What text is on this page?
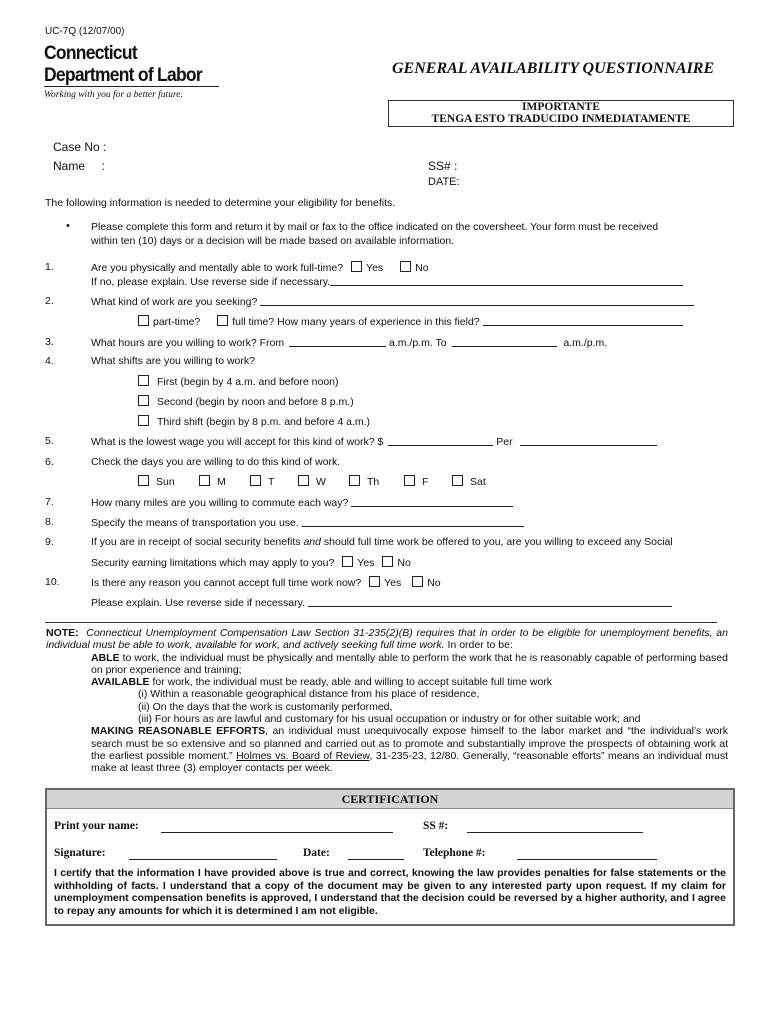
UC-7Q (12/07/00)
Connecticut
Department of Labor
Working with you for a better future.
GENERAL AVAILABILITY QUESTIONNAIRE
IMPORTANTE
TENGA ESTO TRADUCIDO INMEDIATAMENTE
Case No :
Name     :	SS# :
DATE:
The following information is needed to determine your eligibility for benefits.
• Please complete this form and return it by mail or fax to the office indicated on the coversheet. Your form must be received
within ten (10) days or a decision will be made based on available information.
1.	Are you physically and mentally able to work full-time? Yes	No
If no, please explain. Use reverse side if necessary.
2.	What kind of work are you seeking?
part-time?	full time? How many years of experience in this field?
3.	What hours are you willing to work? From	a.m./p.m. To	a.m./p.m.
4.	What shifts are you willing to work?
First (begin by 4 a.m. and before noon)
Second (begin by noon and before 8 p.m.)
Third shift (begin by 8 p.m. and before 4 a.m.)
5.	What is the lowest wage you will accept for this kind of work? $	Per
6.	Check the days you are willing to do this kind of work.
Sun	M	T	W	Th	F	Sat
7.	How many miles are you willing to commute each way?
8.	Specify the means of transportation you use.
9.	If you are in receipt of social security benefits and should full time work be offered to you, are you willing to exceed any Social
Security earning limitations which may apply to you? Yes No
10.	Is there any reason you cannot accept full time work now? Yes No
Please explain. Use reverse side if necessary.
NOTE: Connecticut Unemployment Compensation Law Section 31-235(2)(B) requires that in order to be eligible for unemployment benefits, an individual must be able to work, available for work, and actively seeking full time work. In order to be:
ABLE to work, the individual must be physically and mentally able to perform the work that he is reasonably capable of performing based on prior experience and training;
AVAILABLE for work, the individual must be ready, able and willing to accept suitable full time work
(i) Within a reasonable geographical distance from his place of residence,
(ii) On the days that the work is customarily performed,
(iii) For hours as are lawful and customary for his usual occupation or industry or for other suitable work; and
MAKING REASONABLE EFFORTS, an individual must unequivocally expose himself to the labor market and “the individual’s work search must be so extensive and so planned and carried out as to promote and substantially improve the prospects of obtaining work at the earliest possible moment.” Holmes vs. Board of Review, 31-235-23, 12/80. Generally, “reasonable efforts” means an individual must make at least three (3) employer contacts per week.
CERTIFICATION
Print your name:	SS #:
Signature:	Date:	Telephone #:
I certify that the information I have provided above is true and correct, knowing the law provides penalties for false statements or the withholding of facts. I understand that a copy of the document may be given to any interested party upon request. If my claim for unemployment compensation benefits is approved, I understand that the decision could be reversed by a higher authority, and I agree to repay any amounts for which it is determined I am not eligible.
